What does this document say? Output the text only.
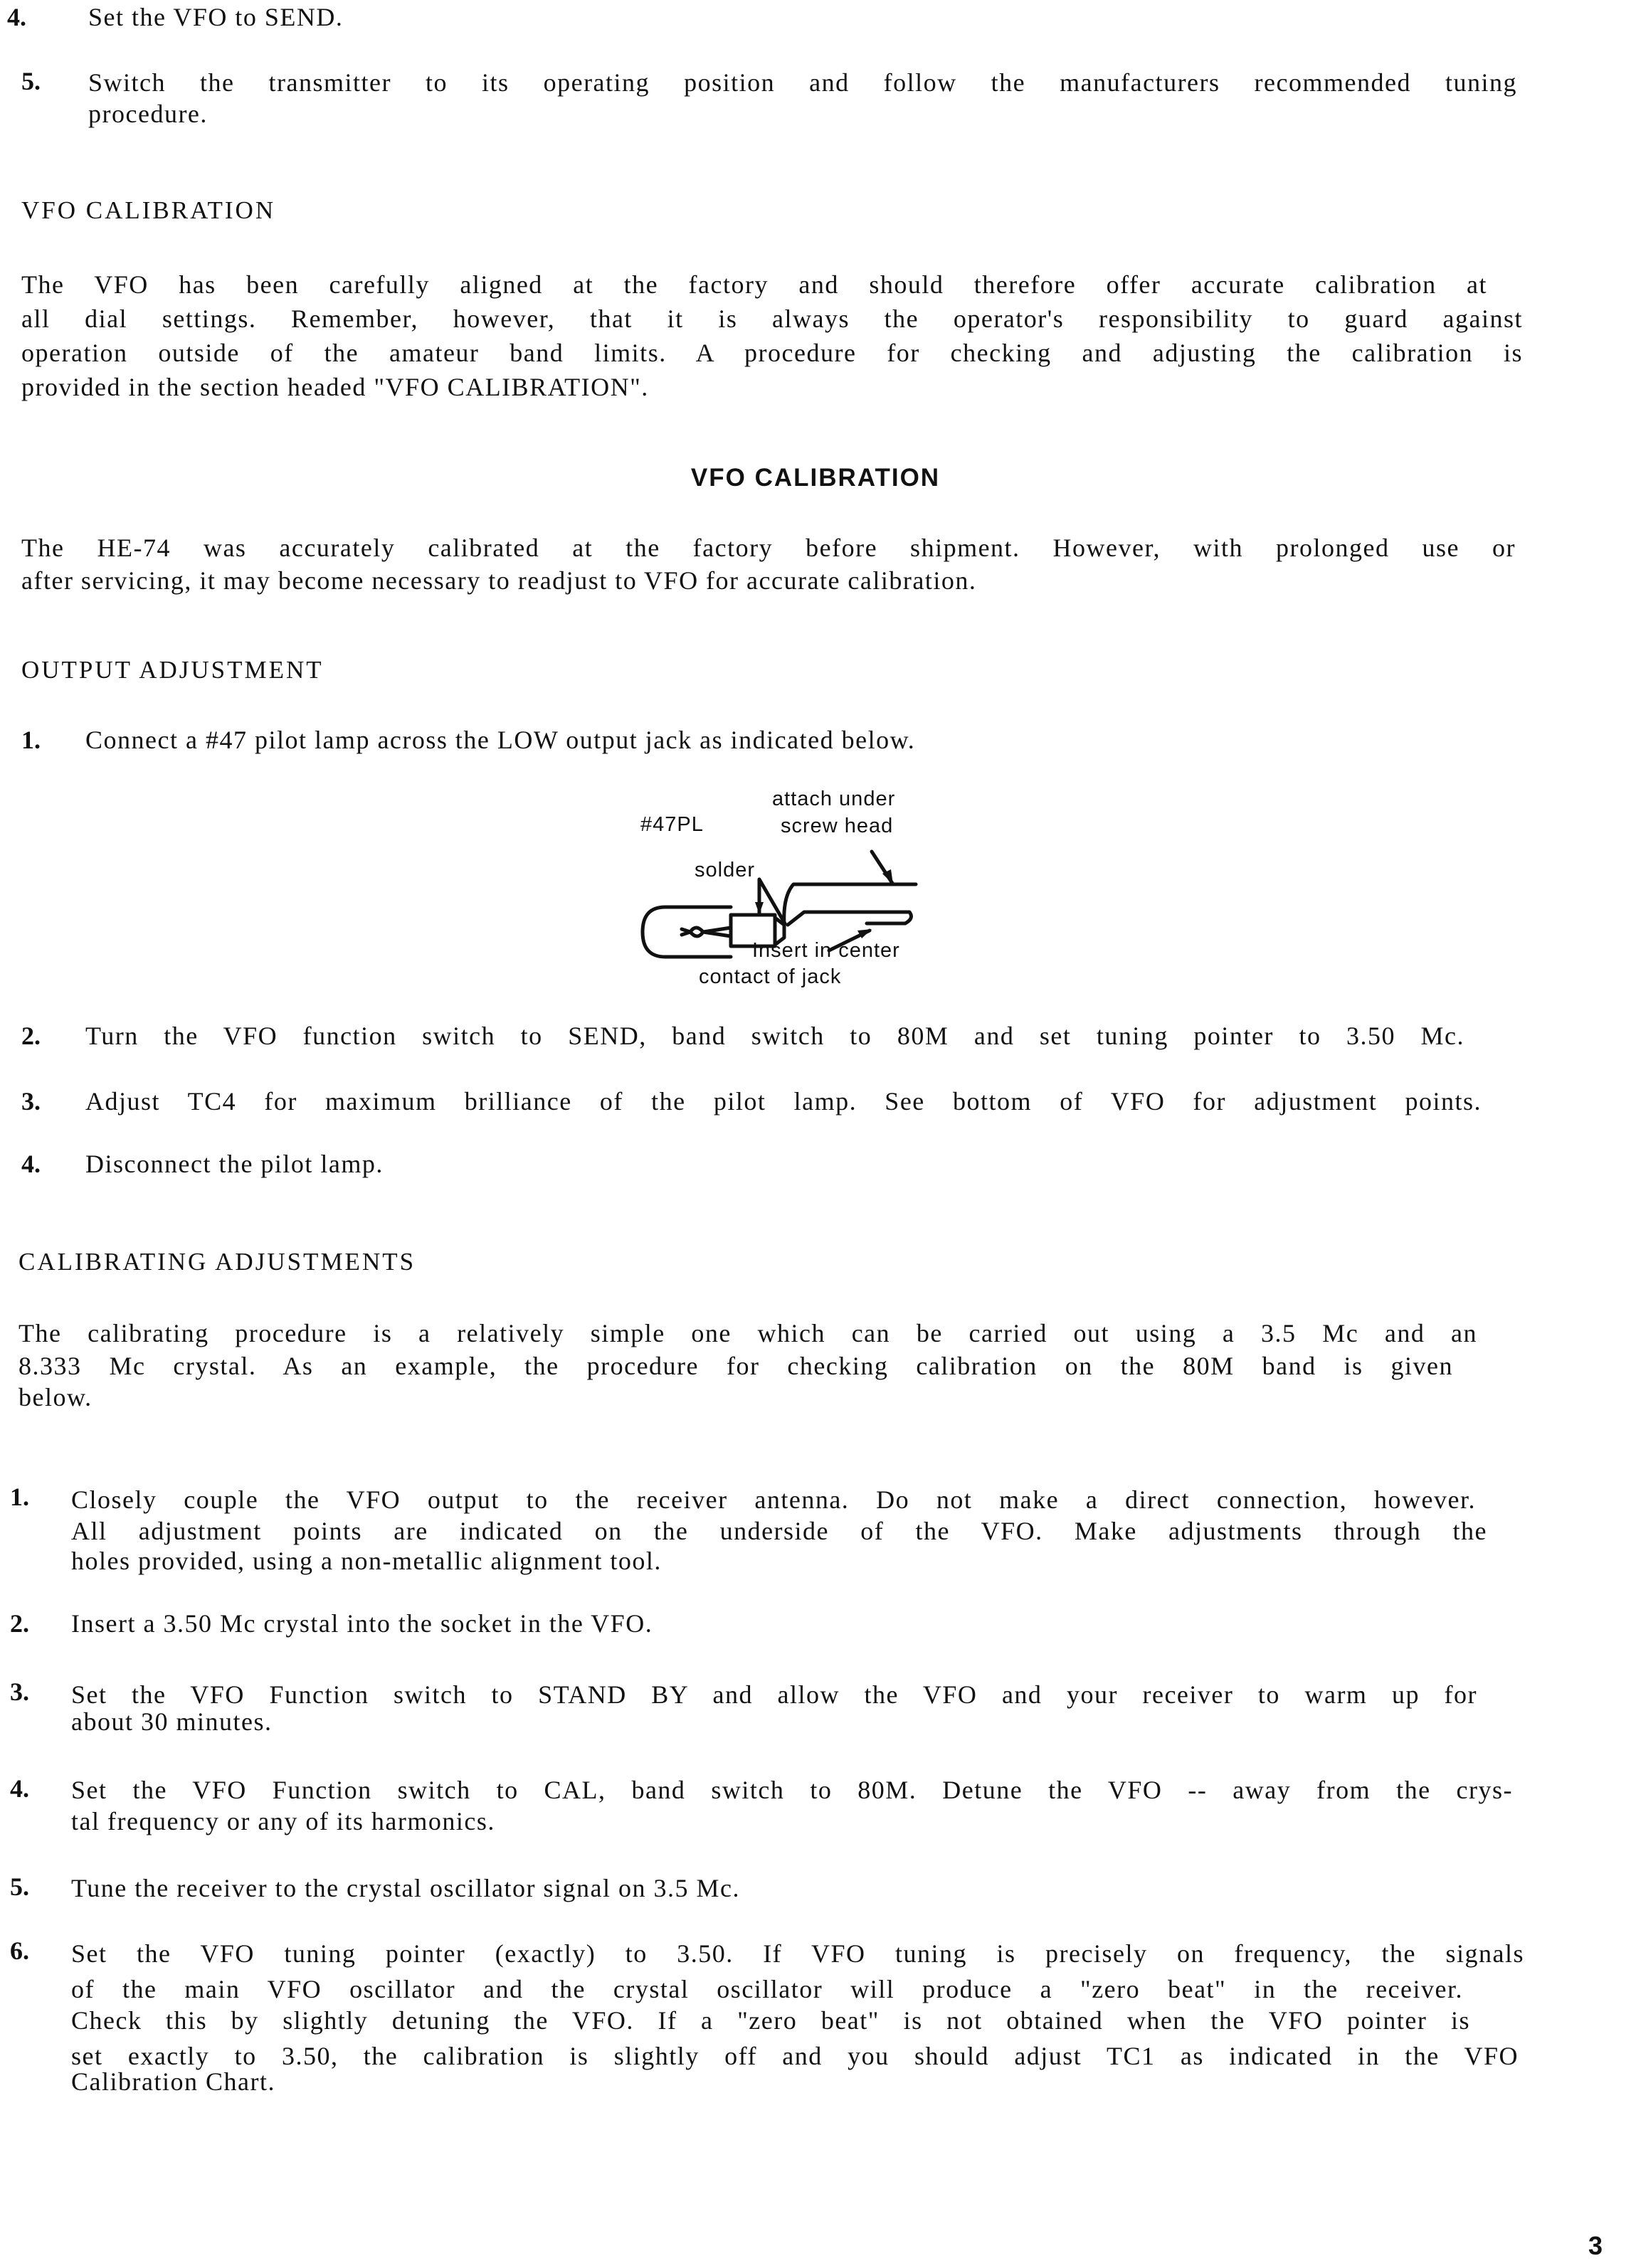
4. Set the VFO to SEND.
5. Switch the transmitter to its operating position and follow the manufacturers recommended tuning
procedure.
VFO CALIBRATION
The VFO has been carefully aligned at the factory and should therefore offer accurate calibration at
all dial settings. Remember, however, that it is always the operator's responsibility to guard against
operation outside of the amateur band limits. A procedure for checking and adjusting the calibration is
provided in the section headed "VFO CALIBRATION".
VFO CALIBRATION
The HE-74 was accurately calibrated at the factory before shipment. However, with prolonged use or
after servicing, it may become necessary to readjust to VFO for accurate calibration.
OUTPUT ADJUSTMENT
1. Connect a #47 pilot lamp across the LOW output jack as indicated below.
attach under
screw head
#47PL
solder
Insert in center
contact of jack
2. Turn the VFO function switch to SEND, band switch to 80M and set tuning pointer to 3.50 Mc.
3. Adjust TC4 for maximum brilliance of the pilot lamp. See bottom of VFO for adjustment points.
4. Disconnect the pilot lamp.
CALIBRATING ADJUSTMENTS
The calibrating procedure is a relatively simple one which can be carried out using a 3.5 Mc and an
8.333 Mc crystal. As an example, the procedure for checking calibration on the 80M band is given
below.
1. Closely couple the VFO output to the receiver antenna. Do not make a direct connection, however.
All adjustment points are indicated on the underside of the VFO. Make adjustments through the
holes provided, using a non-metallic alignment tool.
2. Insert a 3.50 Mc crystal into the socket in the VFO.
3. Set the VFO Function switch to STAND BY and allow the VFO and your receiver to warm up for
about 30 minutes.
4. Set the VFO Function switch to CAL, band switch to 80M. Detune the VFO -- away from the crys-
tal frequency or any of its harmonics.
5. Tune the receiver to the crystal oscillator signal on 3.5 Mc.
6. Set the VFO tuning pointer (exactly) to 3.50. If VFO tuning is precisely on frequency, the signals
of the main VFO oscillator and the crystal oscillator will produce a "zero beat" in the receiver.
Check this by slightly detuning the VFO. If a "zero beat" is not obtained when the VFO pointer is
set exactly to 3.50, the calibration is slightly off and you should adjust TC1 as indicated in the VFO
Calibration Chart.
3
